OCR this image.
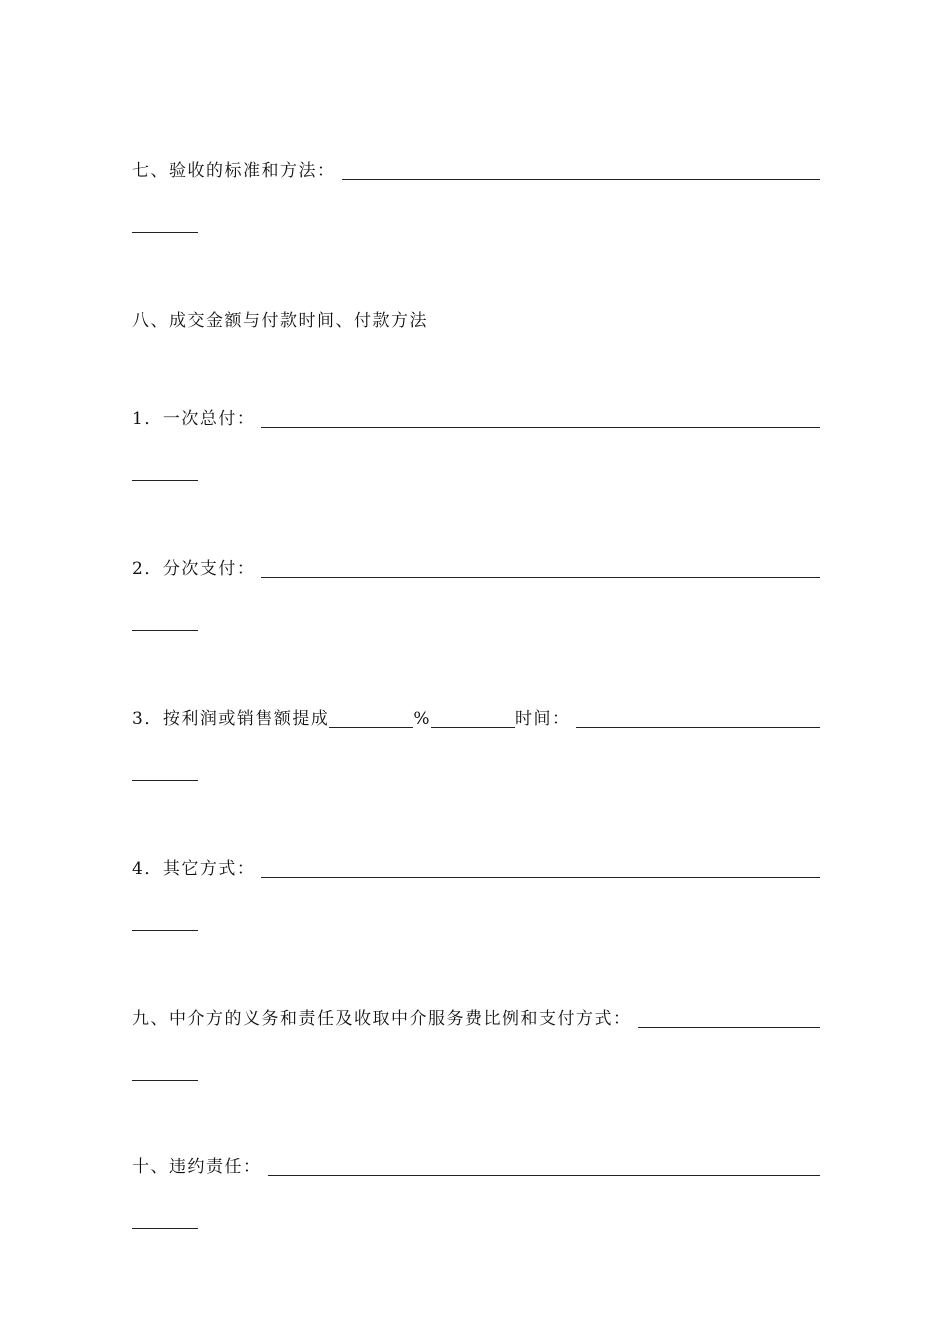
七、验收的标准和方法：
八、成交金额与付款时间、付款方法
1．一次总付：
2．分次支付：
3．按利润或销售额提成	%	时间：
4．其它方式：
九、中介方的义务和责任及收取中介服务费比例和支付方式：
十、违约责任：
